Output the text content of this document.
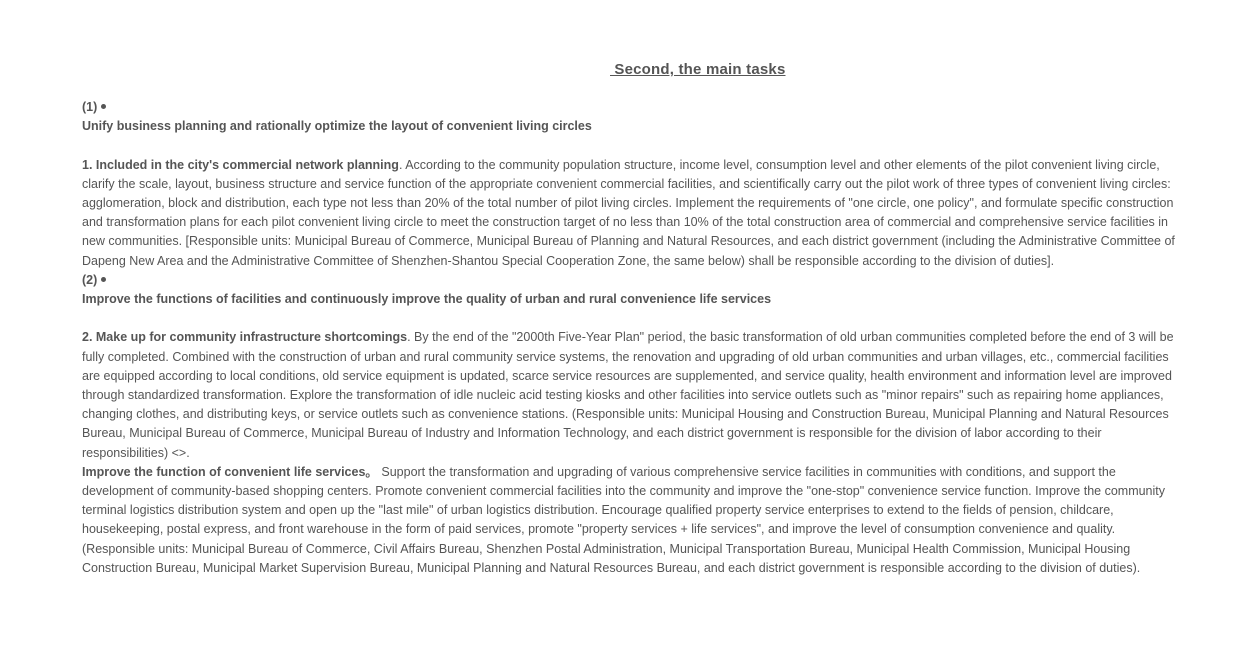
Second, the main tasks

(1)

Unify business planning and rationally optimize the layout of convenient living circles

1. Included in the city's commercial network planning. According to the community population structure, income level, consumption level and other elements of the pilot convenient living circle, clarify the scale, layout, business structure and service function of the appropriate convenient commercial facilities, and scientifically carry out the pilot work of three types of convenient living circles: agglomeration, block and distribution, each type not less than 20% of the total number of pilot living circles. Implement the requirements of "one circle, one policy", and formulate specific construction and transformation plans for each pilot convenient living circle to meet the construction target of no less than 10% of the total construction area of commercial and comprehensive service facilities in new communities. [Responsible units: Municipal Bureau of Commerce, Municipal Bureau of Planning and Natural Resources, and each district government (including the Administrative Committee of Dapeng New Area and the Administrative Committee of Shenzhen-Shantou Special Cooperation Zone, the same below) shall be responsible according to the division of duties].

(2)

Improve the functions of facilities and continuously improve the quality of urban and rural convenience life services

2. Make up for community infrastructure shortcomings. By the end of the "2000th Five-Year Plan" period, the basic transformation of old urban communities completed before the end of 3 will be fully completed. Combined with the construction of urban and rural community service systems, the renovation and upgrading of old urban communities and urban villages, etc., commercial facilities are equipped according to local conditions, old service equipment is updated, scarce service resources are supplemented, and service quality, health environment and information level are improved through standardized transformation. Explore the transformation of idle nucleic acid testing kiosks and other facilities into service outlets such as "minor repairs" such as repairing home appliances, changing clothes, and distributing keys, or service outlets such as convenience stations. (Responsible units: Municipal Housing and Construction Bureau, Municipal Planning and Natural Resources Bureau, Municipal Bureau of Commerce, Municipal Bureau of Industry and Information Technology, and each district government is responsible for the division of labor according to their responsibilities) <>.

Improve the function of convenient life services。 Support the transformation and upgrading of various comprehensive service facilities in communities with conditions, and support the development of community-based shopping centers. Promote convenient commercial facilities into the community and improve the "one-stop" convenience service function. Improve the community terminal logistics distribution system and open up the "last mile" of urban logistics distribution. Encourage qualified property service enterprises to extend to the fields of pension, childcare, housekeeping, postal express, and front warehouse in the form of paid services, promote "property services + life services", and improve the level of consumption convenience and quality. (Responsible units: Municipal Bureau of Commerce, Civil Affairs Bureau, Shenzhen Postal Administration, Municipal Transportation Bureau, Municipal Health Commission, Municipal Housing Construction Bureau, Municipal Market Supervision Bureau, Municipal Planning and Natural Resources Bureau, and each district government is responsible according to the division of duties).
